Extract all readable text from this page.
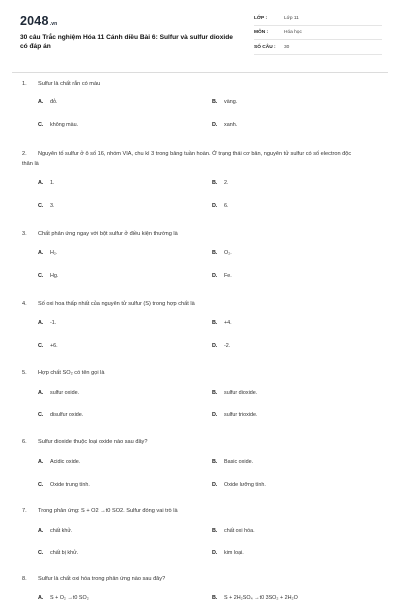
2048.vn
30 câu Trắc nghiệm Hóa 11 Cánh diều Bài 6: Sulfur và sulfur dioxide có đáp án
LỚP :	Lớp 11
MÔN :	Hóa học
SỐ CÂU : 30
1. Sulfur là chất rắn có màu
A. đỏ.	B. vàng.
C. không màu.	D. xanh.
2. Nguyên tố sulfur ở ô số 16, nhóm VIA, chu kì 3 trong bảng tuần hoàn. Ở trạng thái cơ bản, nguyên tử sulfur có số electron độc thân là
A. 1.	B. 2.
C. 3.	D. 6.
3. Chất phản ứng ngay với bột sulfur ở điều kiện thường là
A. H₂.	B. O₂.
C. Hg.	D. Fe.
4. Số oxi hoa thấp nhất của nguyên tử sulfur (S) trong hợp chất là
A. -1.	B. +4.
C. +6.	D. -2.
5. Hợp chất SO₂ có tên gọi là
A. sulfur oxide.	B. sulfur dioxide.
C. disulfur oxide.	D. sulfur trioxide.
6. Sulfur dioxide thuộc loại oxide nào sau đây?
A. Acidic oxide.	B. Basic oxide.
C. Oxide trung tính.	D. Oxide lưỡng tính.
7. Trong phản ứng: S + O2 →t0 SO2. Sulfur đóng vai trò là
A. chất khử.	B. chất oxi hóa.
C. chất bị khử.	D. kim loại.
8. Sulfur là chất oxi hóa trong phản ứng nào sau đây?
A. S + O₂ →t0 SO₂	B. S + 2H₂SO₄ →t0 3SO₂ + 2H₂O
